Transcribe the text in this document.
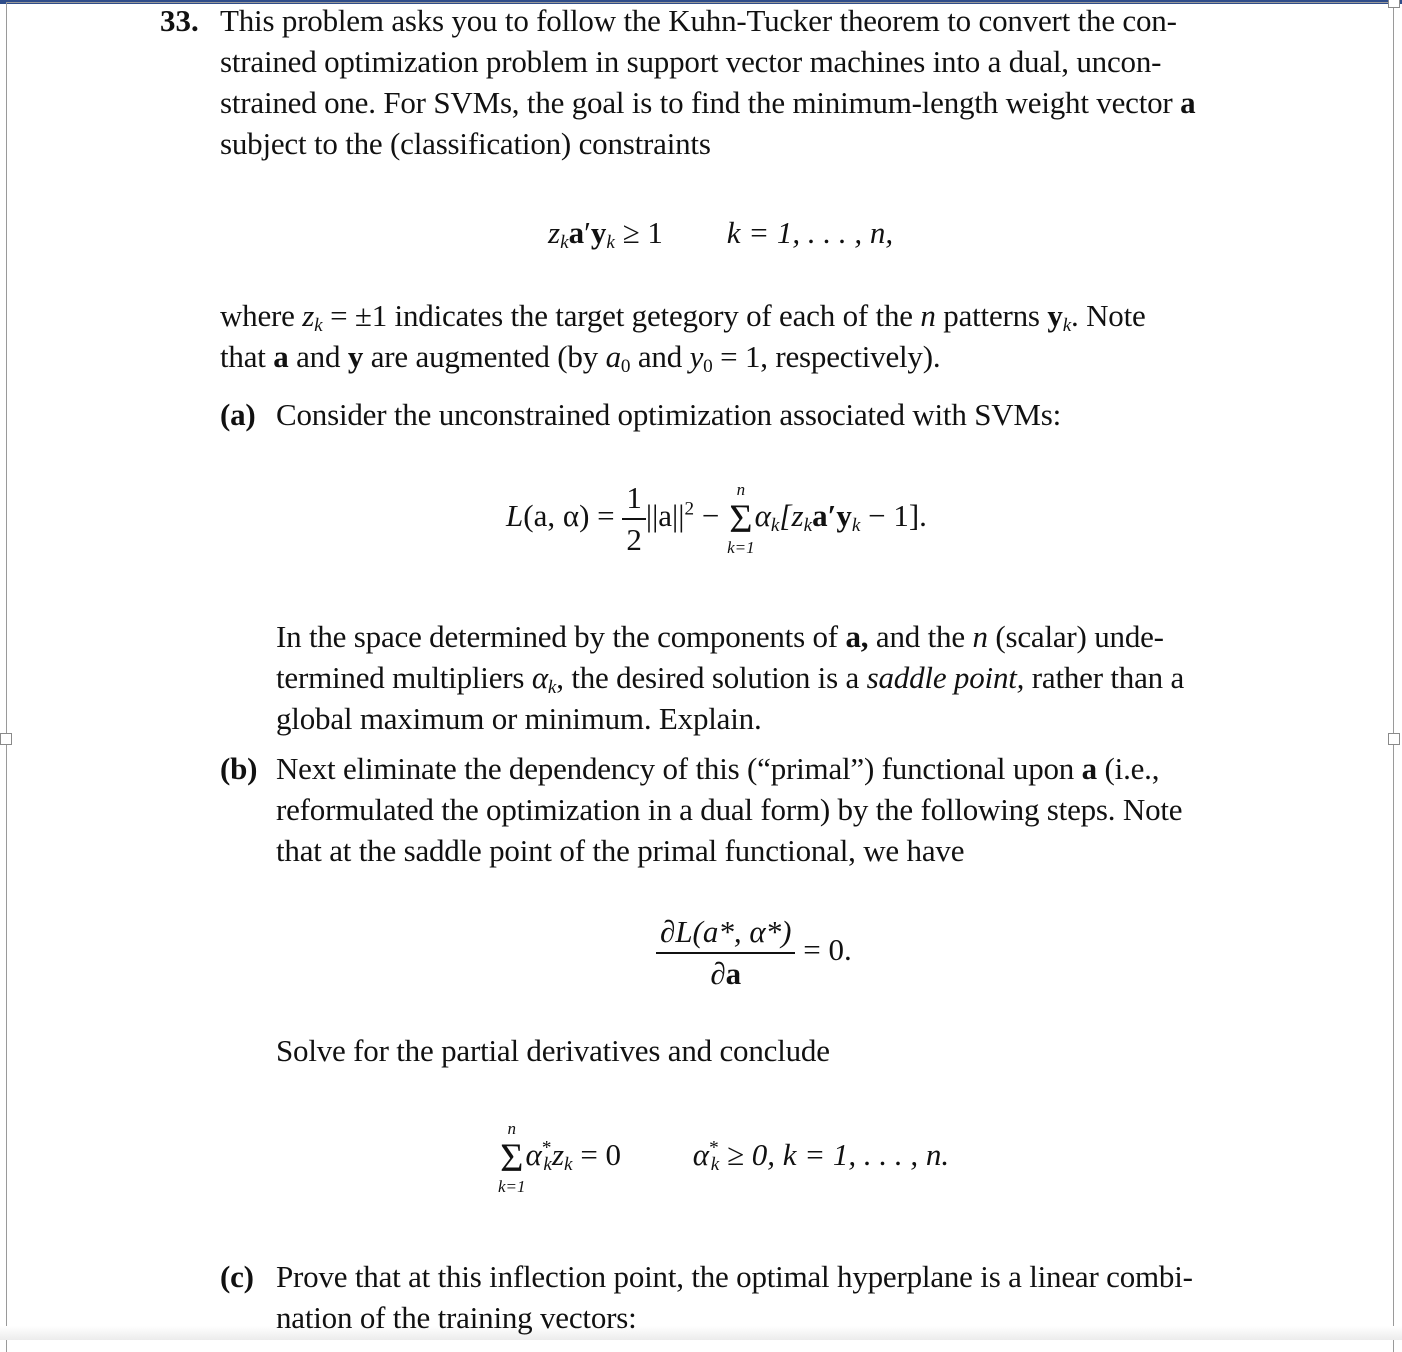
33. This problem asks you to follow the Kuhn-Tucker theorem to convert the con-
strained optimization problem in support vector machines into a dual, uncon-
strained one. For SVMs, the goal is to find the minimum-length weight vector a
subject to the (classification) constraints
$z_ka'y_k \ge 1$ k = 1, . . . , n,
where $z_k = \pm 1$ indicates the target getegory of each of the n patterns $y_k$. Note
that a and y are augmented (by $a_0$ and $y_0 = 1$, respectively).
(a) Consider the unconstrained optimization associated with SVMs:
L(a, $\alpha) = \frac{1}{2} ||a||^2$ −
n
Σ
k=1
$\alpha_k[z_ka'y_k - 1]$.
In the space determined by the components of a, and the n (scalar) unde-
termined multipliers $\alpha_k$, the desired solution is a saddle point, rather than a
global maximum or minimum. Explain.
(b) Next eliminate the dependency of this (“primal”) functional upon a (i.e.,
reformulated the optimization in a dual form) by the following steps. Note
that at the saddle point of the primal functional, we have
$\frac{\partial L(a*, \alpha*)}{\partial a} = 0$.
Solve for the partial derivatives and conclude
n
Σ
k=1
$\alpha^*_kz_k = 0$ $\alpha^*_k \ge 0$, k = 1, . . . , n.
(c) Prove that at this inflection point, the optimal hyperplane is a linear combi-
nation of the training vectors:
